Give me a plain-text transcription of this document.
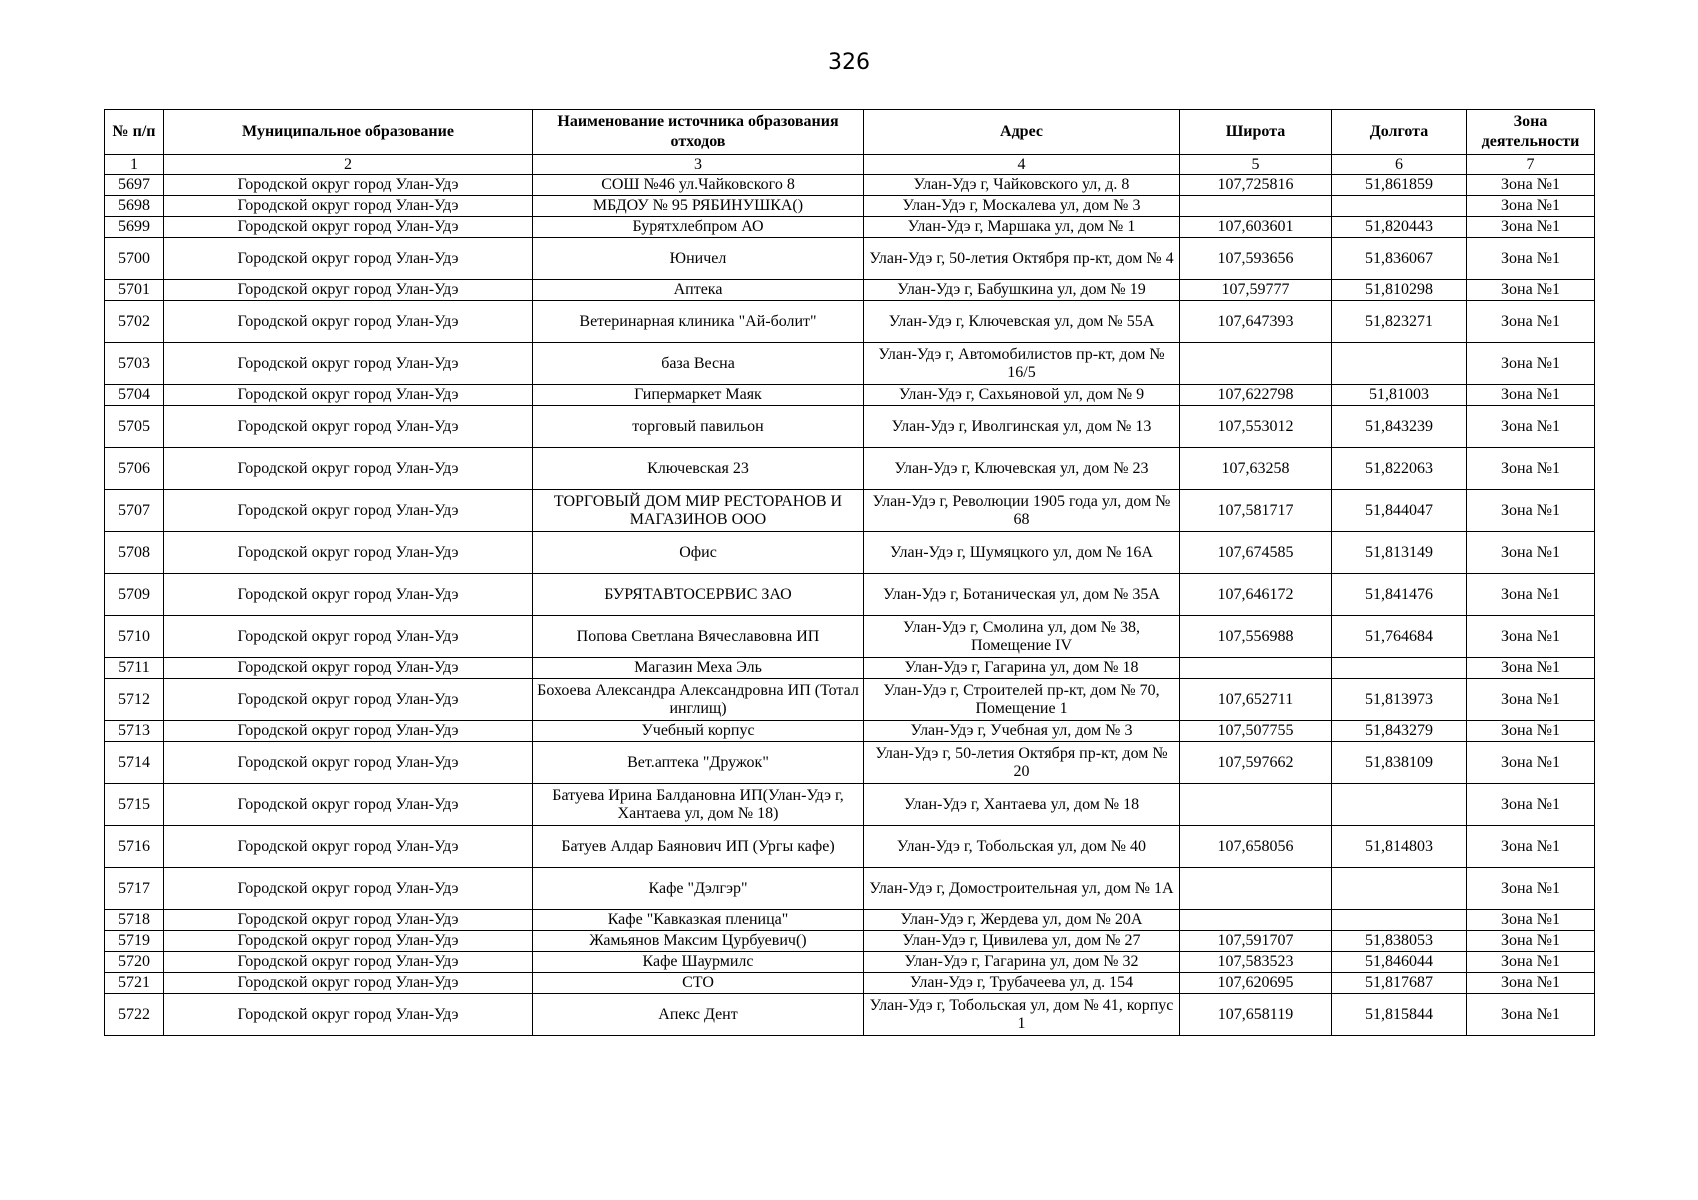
326
№ п/п	Муниципальное образование	Наименование источника образования отходов	Адрес	Широта	Долгота	Зона деятельности
1	2	3	4	5	6	7
5697	Городской округ город Улан-Удэ	СОШ №46 ул.Чайковского 8	Улан-Удэ г, Чайковского ул, д. 8	107,725816	51,861859	Зона №1
5698	Городской округ город Улан-Удэ	МБДОУ № 95 РЯБИНУШКА()	Улан-Удэ г, Москалева ул, дом № 3			Зона №1
5699	Городской округ город Улан-Удэ	Бурятхлебпром АО	Улан-Удэ г, Маршака ул, дом № 1	107,603601	51,820443	Зона №1
5700	Городской округ город Улан-Удэ	Юничел	Улан-Удэ г, 50-летия Октября пр-кт, дом № 4	107,593656	51,836067	Зона №1
5701	Городской округ город Улан-Удэ	Аптека	Улан-Удэ г, Бабушкина ул, дом № 19	107,59777	51,810298	Зона №1
5702	Городской округ город Улан-Удэ	Ветеринарная клиника "Ай-болит"	Улан-Удэ г, Ключевская ул, дом № 55А	107,647393	51,823271	Зона №1
5703	Городской округ город Улан-Удэ	база Весна	Улан-Удэ г, Автомобилистов пр-кт, дом № 16/5			Зона №1
5704	Городской округ город Улан-Удэ	Гипермаркет Маяк	Улан-Удэ г, Сахьяновой ул, дом № 9	107,622798	51,81003	Зона №1
5705	Городской округ город Улан-Удэ	торговый павильон	Улан-Удэ г, Иволгинская ул, дом № 13	107,553012	51,843239	Зона №1
5706	Городской округ город Улан-Удэ	Ключевская 23	Улан-Удэ г, Ключевская ул, дом № 23	107,63258	51,822063	Зона №1
5707	Городской округ город Улан-Удэ	ТОРГОВЫЙ ДОМ МИР РЕСТОРАНОВ И МАГАЗИНОВ ООО	Улан-Удэ г, Революции 1905 года ул, дом № 68	107,581717	51,844047	Зона №1
5708	Городской округ город Улан-Удэ	Офис	Улан-Удэ г, Шумяцкого ул, дом № 16А	107,674585	51,813149	Зона №1
5709	Городской округ город Улан-Удэ	БУРЯТАВТОСЕРВИС ЗАО	Улан-Удэ г, Ботаническая ул, дом № 35А	107,646172	51,841476	Зона №1
5710	Городской округ город Улан-Удэ	Попова Светлана Вячеславовна ИП	Улан-Удэ г, Смолина ул, дом № 38, Помещение IV	107,556988	51,764684	Зона №1
5711	Городской округ город Улан-Удэ	Магазин Меха Эль	Улан-Удэ г, Гагарина ул, дом № 18			Зона №1
5712	Городской округ город Улан-Удэ	Бохоева Александра Александровна ИП (Тотал инглищ)	Улан-Удэ г, Строителей пр-кт, дом № 70, Помещение 1	107,652711	51,813973	Зона №1
5713	Городской округ город Улан-Удэ	Учебный корпус	Улан-Удэ г, Учебная ул, дом № 3	107,507755	51,843279	Зона №1
5714	Городской округ город Улан-Удэ	Вет.аптека "Дружок"	Улан-Удэ г, 50-летия Октября пр-кт, дом № 20	107,597662	51,838109	Зона №1
5715	Городской округ город Улан-Удэ	Батуева Ирина Балдановна ИП(Улан-Удэ г, Хантаева ул, дом № 18)	Улан-Удэ г, Хантаева ул, дом № 18			Зона №1
5716	Городской округ город Улан-Удэ	Батуев Алдар Баянович ИП (Ургы кафе)	Улан-Удэ г, Тобольская ул, дом № 40	107,658056	51,814803	Зона №1
5717	Городской округ город Улан-Удэ	Кафе "Дэлгэр"	Улан-Удэ г, Домостроительная ул, дом № 1А			Зона №1
5718	Городской округ город Улан-Удэ	Кафе "Кавказкая пленица"	Улан-Удэ г, Жердева ул, дом № 20А			Зона №1
5719	Городской округ город Улан-Удэ	Жамьянов Максим Цурбуевич()	Улан-Удэ г, Цивилева ул, дом № 27	107,591707	51,838053	Зона №1
5720	Городской округ город Улан-Удэ	Кафе Шаурмилс	Улан-Удэ г, Гагарина ул, дом № 32	107,583523	51,846044	Зона №1
5721	Городской округ город Улан-Удэ	СТО	Улан-Удэ г, Трубачеева ул, д. 154	107,620695	51,817687	Зона №1
5722	Городской округ город Улан-Удэ	Апекс Дент	Улан-Удэ г, Тобольская ул, дом № 41, корпус 1	107,658119	51,815844	Зона №1
